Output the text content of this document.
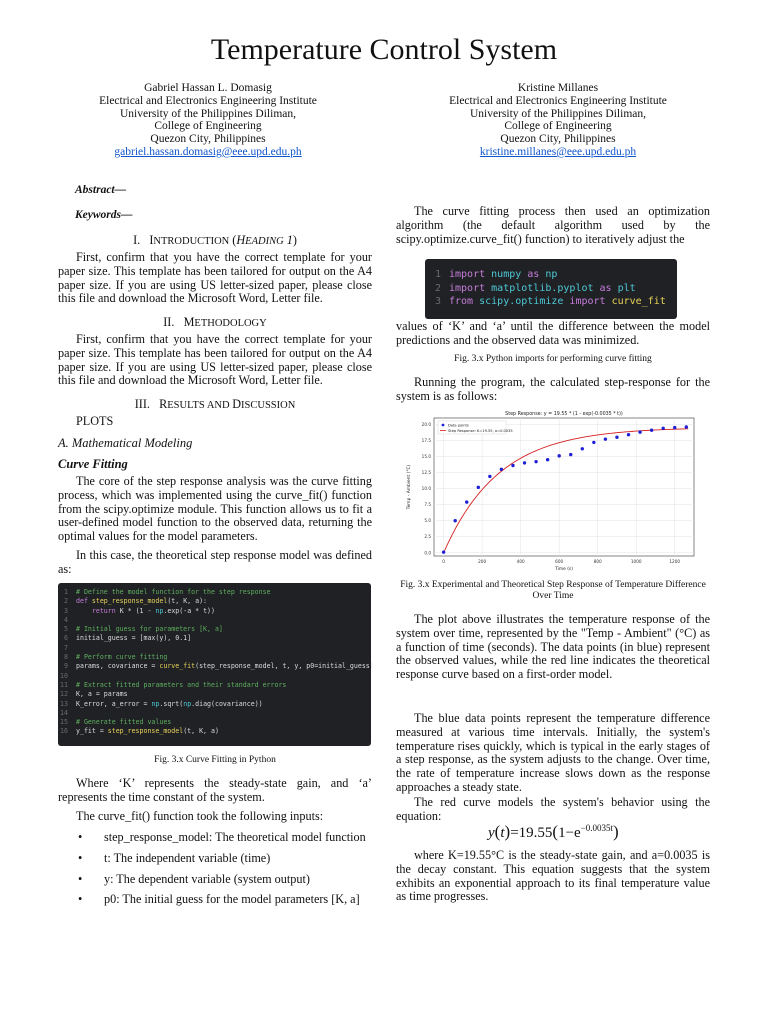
Temperature Control System
Gabriel Hassan L. Domasig
Electrical and Electronics Engineering Institute
University of the Philippines Diliman,
College of Engineering
Quezon City, Philippines
gabriel.hassan.domasig@eee.upd.edu.ph
Kristine Millanes
Electrical and Electronics Engineering Institute
University of the Philippines Diliman,
College of Engineering
Quezon City, Philippines
kristine.millanes@eee.upd.edu.ph
Abstract—
Keywords—
I. INTRODUCTION (HEADING 1)

First, confirm that you have the correct template for your paper size. This template has been tailored for output on the A4 paper size. If you are using US letter-sized paper, please close this file and download the Microsoft Word, Letter file.

II. METHODOLOGY

First, confirm that you have the correct template for your paper size. This template has been tailored for output on the A4 paper size. If you are using US letter-sized paper, please close this file and download the Microsoft Word, Letter file.

III. RESULTS AND DISCUSSION
PLOTS
A. Mathematical Modeling
Curve Fitting

The core of the step response analysis was the curve fitting process, which was implemented using the curve_fit() function from the scipy.optimize module. This function allows us to fit a user-defined model function to the observed data, returning the optimal values for the model parameters.

In this case, the theoretical step response model was defined as:

1 # Define the model function for the step response
2 def step_response_model(t, K, a):
3	return K * (1 - np.exp(-a * t))
4
5 # Initial guess for parameters [K, a]
6 initial_guess = [max(y), 0.1]
7
8 # Perform curve fitting
9 params, covariance = curve_fit(step_response_model, t, y, p0=initial_guess)
10
11 # Extract fitted parameters and their standard errors
12 K, a = params
13 K_error, a_error = np.sqrt(np.diag(covariance))
14
15 # Generate fitted values
16 y_fit = step_response_model(t, K, a)
Fig. 3.x Curve Fitting in Python

Where ‘K’ represents the steady-state gain, and ‘a’ represents the time constant of the system.

The curve_fit() function took the following inputs:

• step_response_model: The theoretical model function
• t: The independent variable (time)
• y: The dependent variable (system output)
• p0: The initial guess for the model parameters [K, a]

The curve fitting process then used an optimization algorithm (the default algorithm used by the scipy.optimize.curve_fit() function) to iteratively adjust the

1 import numpy as np
2 import matplotlib.pyplot as plt
3 from scipy.optimize import curve_fit

values of ‘K’ and ‘a’ until the difference between the model predictions and the observed data was minimized.

Fig. 3.x Python imports for performing curve fitting

Running the program, the calculated step-response for the system is as follows:

0	200	400	600	800	1000	1200
0.0
2.5
5.0
7.5
10.0
12.5
15.0
17.5
20.0
Step Response: y = 19.55 * (1 - exp(-0.0035 * t))
Time (s)
Temp - Ambient (°C)
Data points
Step Response: K=19.55, a=0.0035
Fig. 3.x Experimental and Theoretical Step Response of Temperature Difference Over Time

The plot above illustrates the temperature response of the system over time, represented by the "Temp - Ambient" (°C) as a function of time (seconds). The data points (in blue) represent the observed values, while the red line indicates the theoretical response curve based on a first-order model.

The blue data points represent the temperature difference measured at various time intervals. Initially, the system's temperature rises quickly, which is typical in the early stages of a step response, as the system adjusts to the change. Over time, the rate of temperature increase slows down as the response approaches a steady state.

The red curve models the system's behavior using the equation:

$y(t)=19.55(1-e^{-0.0035t})$

where K=19.55°C is the steady-state gain, and a=0.0035 is the decay constant. This equation suggests that the system exhibits an exponential approach to its final temperature value as time progresses.
